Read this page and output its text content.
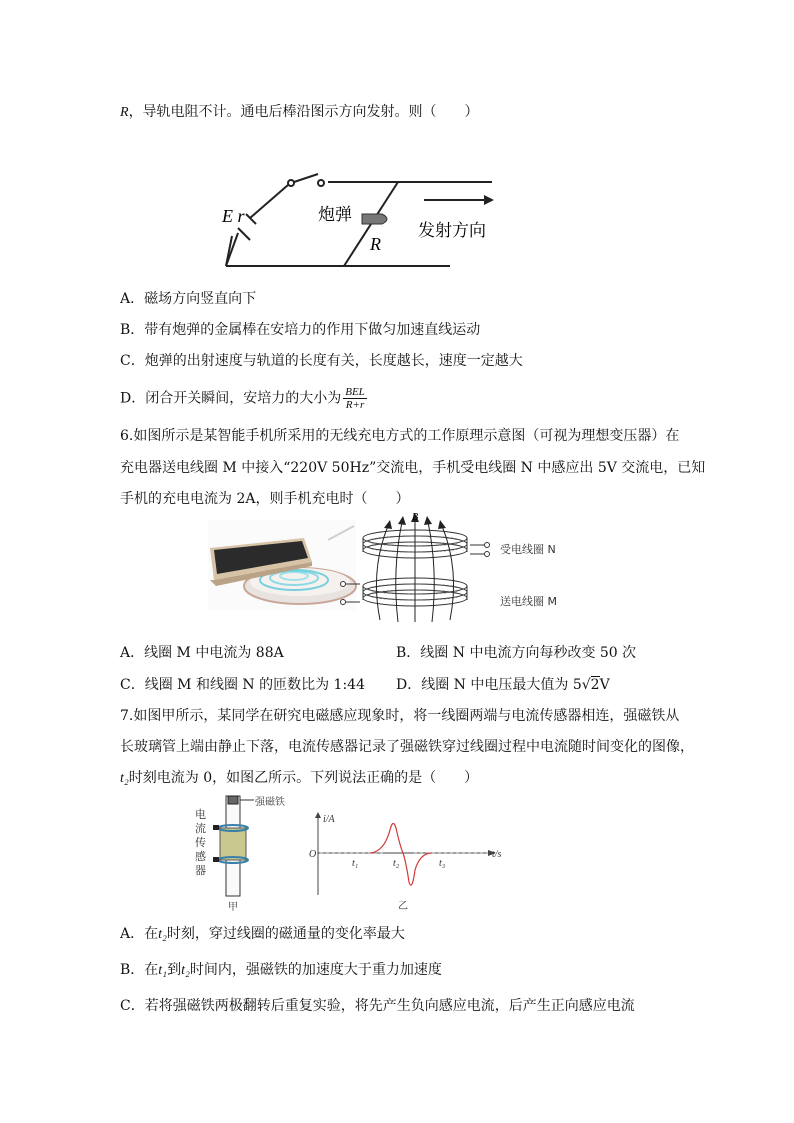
R，导轨电阻不计。通电后棒沿图示方向发射。则（　　）
E r	炮弹
R
发射方向
A．磁场方向竖直向下
B．带有炮弹的金属棒在安培力的作用下做匀加速直线运动
C．炮弹的出射速度与轨道的长度有关，长度越长，速度一定越大
D．闭合开关瞬间，安培力的大小为 $\frac{\text{BEL}}{R+r}$
6.如图所示是某智能手机所采用的无线充电方式的工作原理示意图（可视为理想变压器）在
充电器送电线圈 M 中接入“220V 50Hz”交流电，手机受电线圈 N 中感应出 5V 交流电，已知
手机的充电电流为 2A，则手机充电时（　　）
B
受电线圈 N
送电线圈 M
A．线圈 M 中电流为 88A	B．线圈 N 中电流方向每秒改变 50 次
C．线圈 M 和线圈 N 的匝数比为 1:44 D．线圈 N 中电压最大值为 5√2V
7.如图甲所示，某同学在研究电磁感应现象时，将一线圈两端与电流传感器相连，强磁铁从
长玻璃管上端由静止下落，电流传感器记录了强磁铁穿过线圈过程中电流随时间变化的图像，
t₂时刻电流为 0，如图乙所示。下列说法正确的是（　　）
强磁铁
电
流
传
感
器
甲
i/A
O	t/s
t₁	t₂	t₃
乙
A．在t₂时刻，穿过线圈的磁通量的变化率最大
B．在t₁到t₂时间内，强磁铁的加速度大于重力加速度
C．若将强磁铁两极翻转后重复实验，将先产生负向感应电流，后产生正向感应电流
